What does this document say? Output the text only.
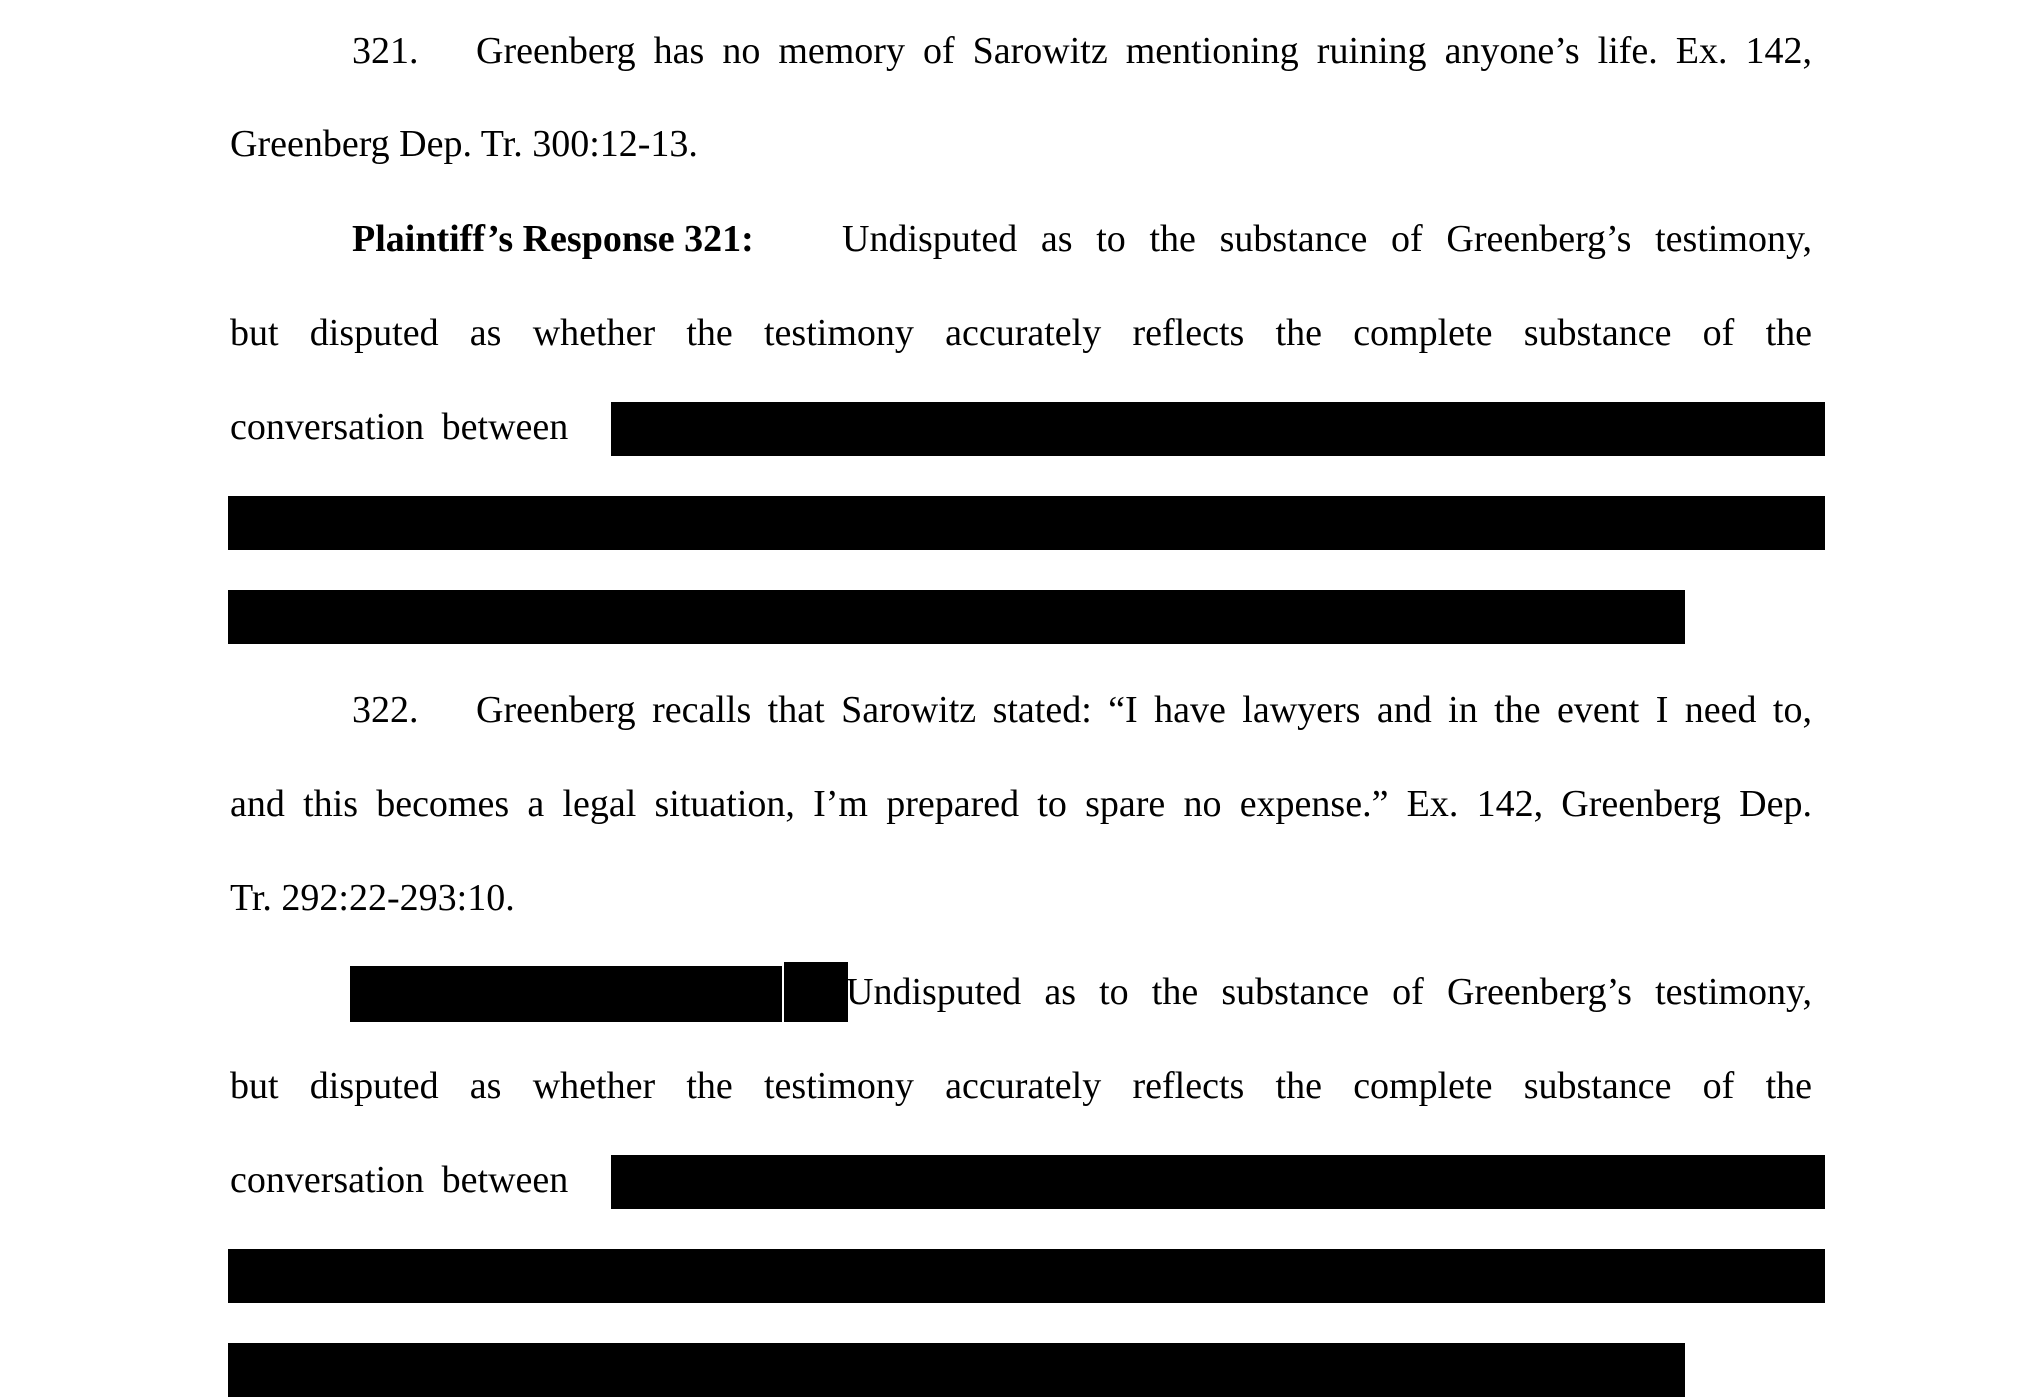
321. Greenberg has no memory of Sarowitz mentioning ruining anyone’s life. Ex. 142,
Greenberg Dep. Tr. 300:12-13.
Plaintiff’s Response 321: Undisputed as to the substance of Greenberg’s testimony,
but disputed as whether the testimony accurately reflects the complete substance of the
conversation between
322. Greenberg recalls that Sarowitz stated: “I have lawyers and in the event I need to,
and this becomes a legal situation, I’m prepared to spare no expense.” Ex. 142, Greenberg Dep.
Tr. 292:22-293:10.
Undisputed as to the substance of Greenberg’s testimony,
but disputed as whether the testimony accurately reflects the complete substance of the
conversation between
